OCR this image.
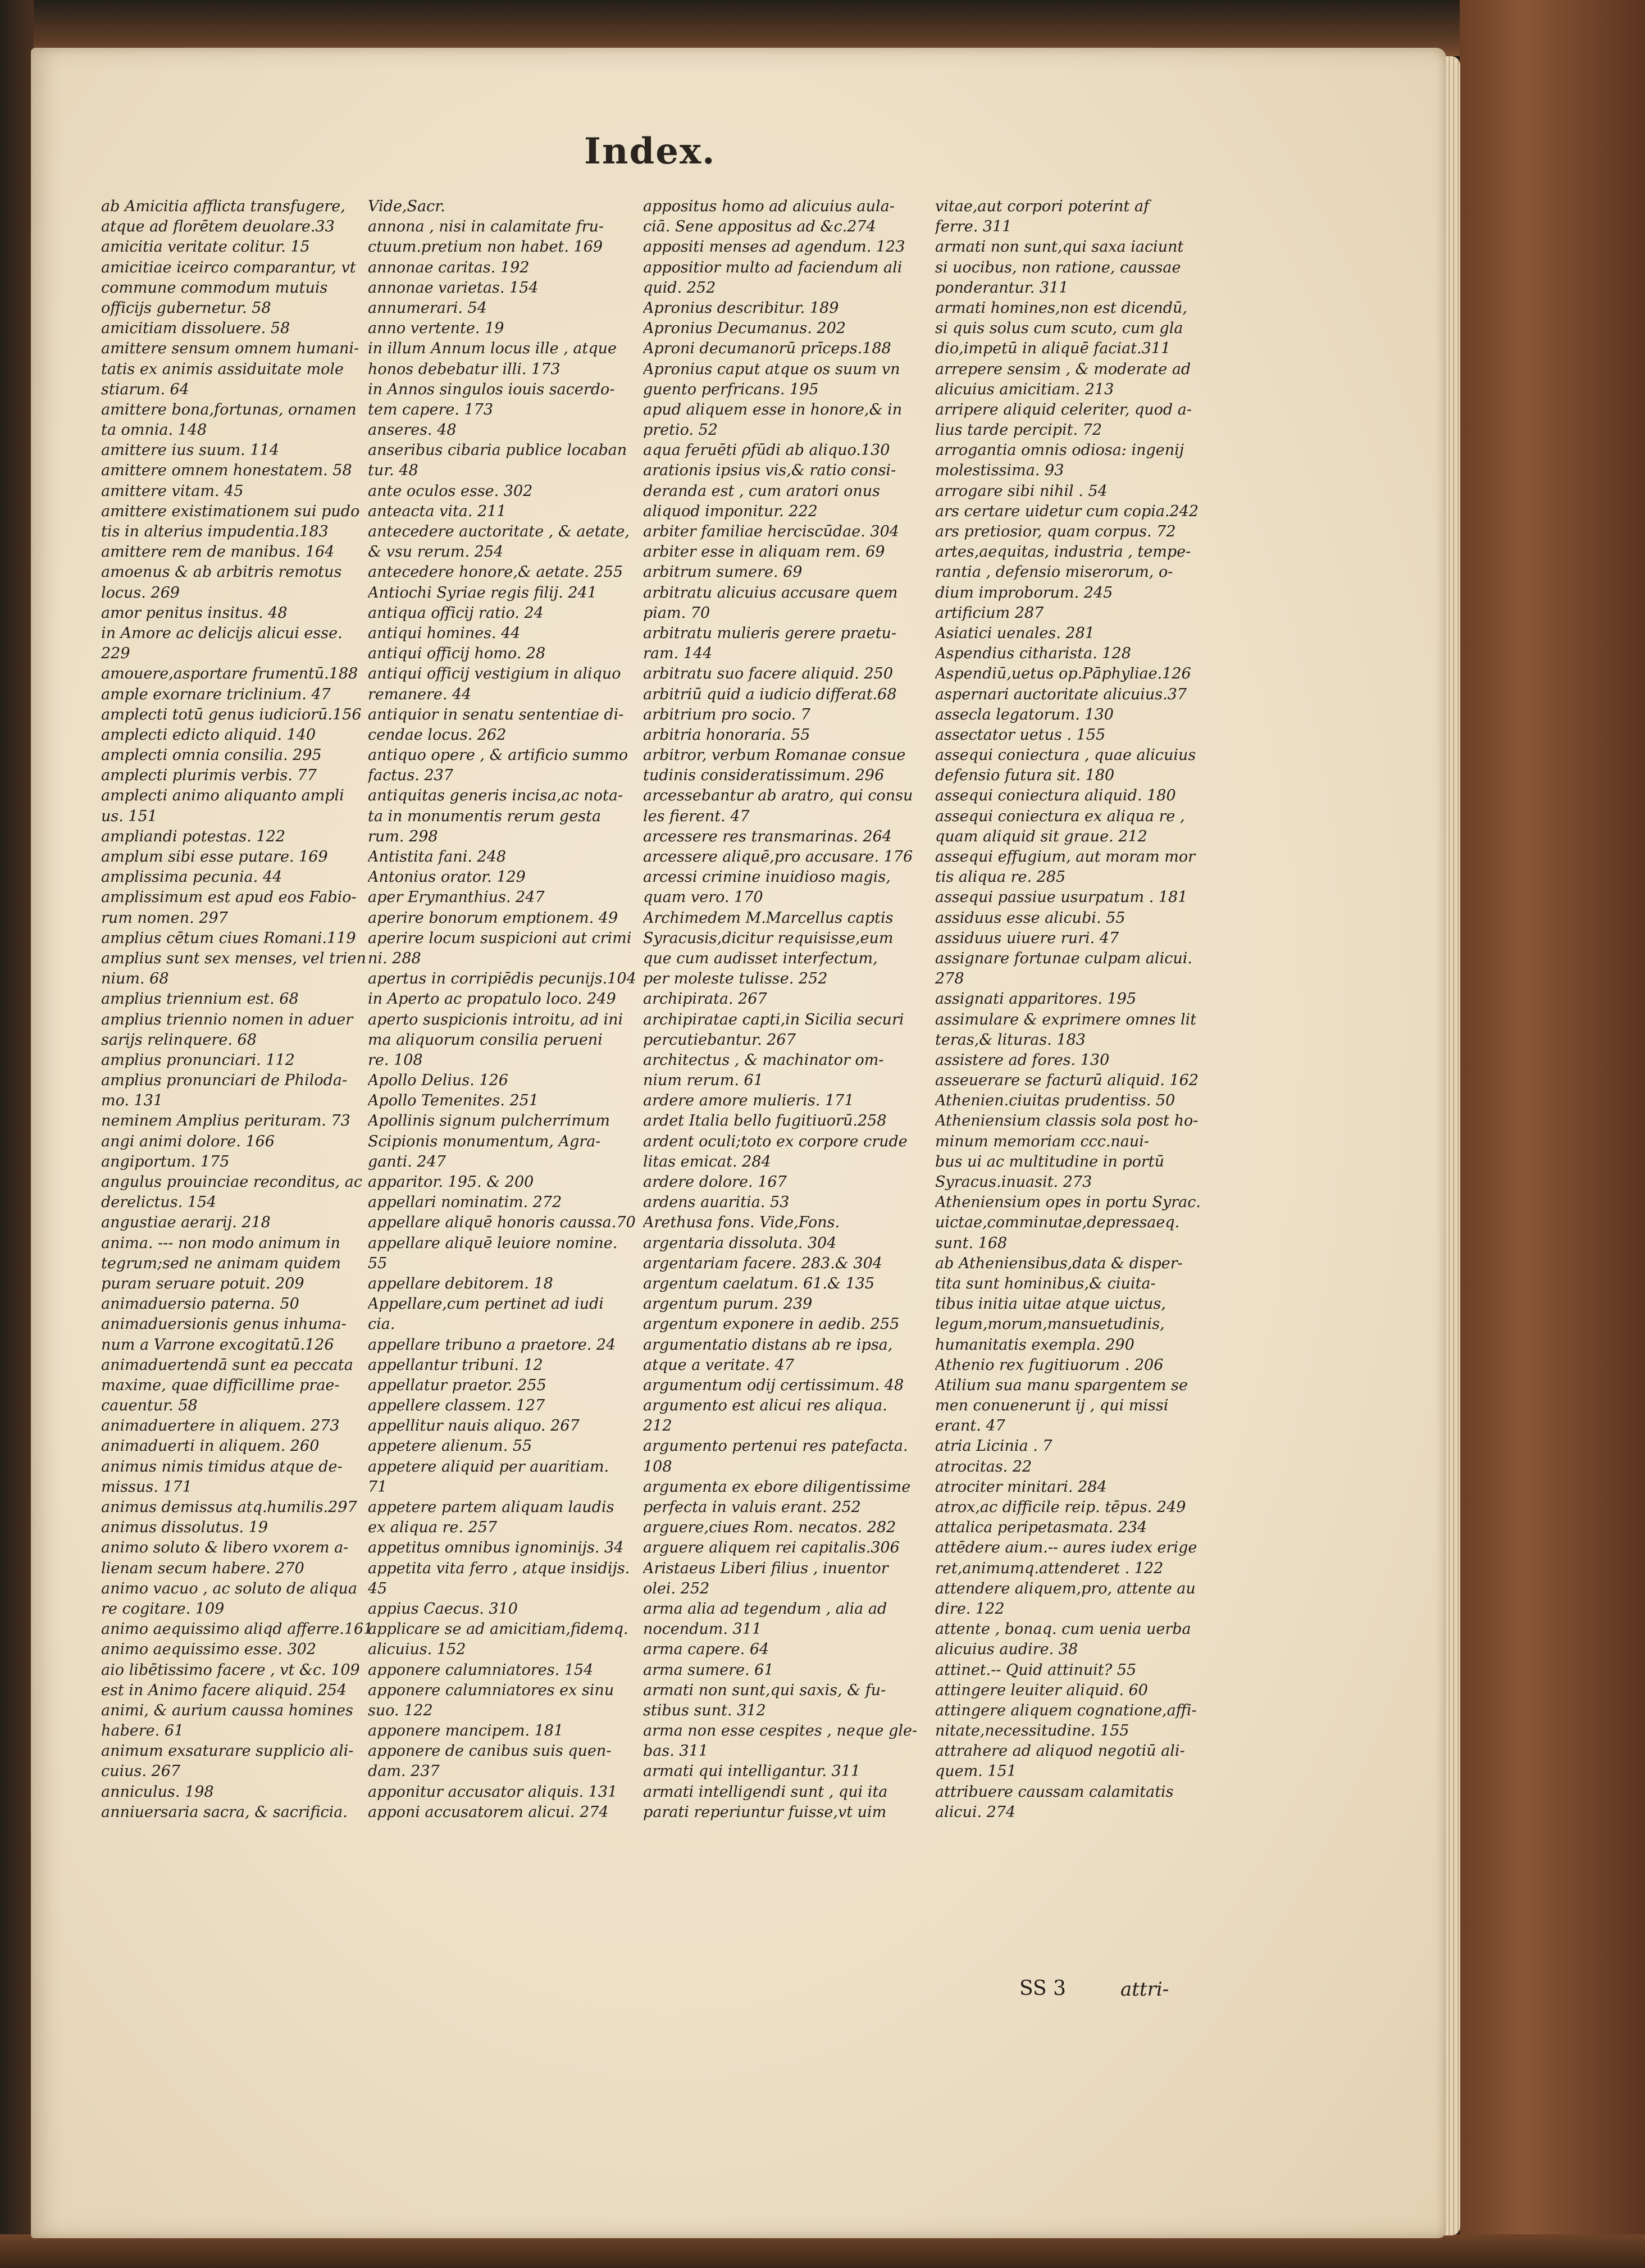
Index.
ab Amicitia afflicta transfugere,
atque ad florētem deuolare.33
amicitia veritate colitur. 15
amicitiae iceirco comparantur, vt
commune commodum mutuis
officijs gubernetur. 58
amicitiam dissoluere. 58
amittere sensum omnem humani-
tatis ex animis assiduitate mole
stiarum. 64
amittere bona,fortunas, ornamen
ta omnia. 148
amittere ius suum. 114
amittere omnem honestatem. 58
amittere vitam. 45
amittere existimationem sui pudo
tis in alterius impudentia.183
amittere rem de manibus. 164
amoenus & ab arbitris remotus
locus. 269
amor penitus insitus. 48
in Amore ac delicijs alicui esse.
229
amouere,asportare frumentū.188
ample exornare triclinium. 47
amplecti totū genus iudiciorū.156
amplecti edicto aliquid. 140
amplecti omnia consilia. 295
amplecti plurimis verbis. 77
amplecti animo aliquanto ampli
us. 151
ampliandi potestas. 122
amplum sibi esse putare. 169
amplissima pecunia. 44
amplissimum est apud eos Fabio-
rum nomen. 297
amplius cētum ciues Romani.119
amplius sunt sex menses, vel trien
nium. 68
amplius triennium est. 68
amplius triennio nomen in aduer
sarijs relinquere. 68
amplius pronunciari. 112
amplius pronunciari de Philoda-
mo. 131
neminem Amplius perituram. 73
angi animi dolore. 166
angiportum. 175
angulus prouinciae reconditus, ac
derelictus. 154
angustiae aerarij. 218
anima. --- non modo animum in
tegrum;sed ne animam quidem
puram seruare potuit. 209
animaduersio paterna. 50
animaduersionis genus inhuma-
num a Varrone excogitatū.126
animaduertendā sunt ea peccata
maxime, quae difficillime prae-
cauentur. 58
animaduertere in aliquem. 273
animaduerti in aliquem. 260
animus nimis timidus atque de-
missus. 171
animus demissus atq.humilis.297
animus dissolutus. 19
animo soluto & libero vxorem a-
lienam secum habere. 270
animo vacuo , ac soluto de aliqua
re cogitare. 109
animo aequissimo aliqd afferre.161
animo aequissimo esse. 302
aio libētissimo facere , vt &c. 109
est in Animo facere aliquid. 254
animi, & aurium caussa homines
habere. 61
animum exsaturare supplicio ali-
cuius. 267
anniculus. 198
anniuersaria sacra, & sacrificia.
Vide,Sacr.
annona , nisi in calamitate fru-
ctuum.pretium non habet. 169
annonae caritas. 192
annonae varietas. 154
annumerari. 54
anno vertente. 19
in illum Annum locus ille , atque
honos debebatur illi. 173
in Annos singulos iouis sacerdo-
tem capere. 173
anseres. 48
anseribus cibaria publice locaban
tur. 48
ante oculos esse. 302
anteacta vita. 211
antecedere auctoritate , & aetate,
& vsu rerum. 254
antecedere honore,& aetate. 255
Antiochi Syriae regis filij. 241
antiqua officij ratio. 24
antiqui homines. 44
antiqui officij homo. 28
antiqui officij vestigium in aliquo
remanere. 44
antiquior in senatu sententiae di-
cendae locus. 262
antiquo opere , & artificio summo
factus. 237
antiquitas generis incisa,ac nota-
ta in monumentis rerum gesta
rum. 298
Antistita fani. 248
Antonius orator. 129
aper Erymanthius. 247
aperire bonorum emptionem. 49
aperire locum suspicioni aut crimi
ni. 288
apertus in corripiēdis pecunijs.104
in Aperto ac propatulo loco. 249
aperto suspicionis introitu, ad ini
ma aliquorum consilia perueni
re. 108
Apollo Delius. 126
Apollo Temenites. 251
Apollinis signum pulcherrimum
Scipionis monumentum, Agra-
ganti. 247
apparitor. 195. & 200
appellari nominatim. 272
appellare aliquē honoris caussa.70
appellare aliquē leuiore nomine.
55
appellare debitorem. 18
Appellare,cum pertinet ad iudi
cia.
appellare tribuno a praetore. 24
appellantur tribuni. 12
appellatur praetor. 255
appellere classem. 127
appellitur nauis aliquo. 267
appetere alienum. 55
appetere aliquid per auaritiam.
71
appetere partem aliquam laudis
ex aliqua re. 257
appetitus omnibus ignominijs. 34
appetita vita ferro , atque insidijs.
45
appius Caecus. 310
applicare se ad amicitiam,fidemq.
alicuius. 152
apponere calumniatores. 154
apponere calumniatores ex sinu
suo. 122
apponere mancipem. 181
apponere de canibus suis quen-
dam. 237
apponitur accusator aliquis. 131
apponi accusatorem alicui. 274
appositus homo ad alicuius aula-
ciā. Sene appositus ad &c.274
appositi menses ad agendum. 123
appositior multo ad faciendum ali
quid. 252
Apronius describitur. 189
Apronius Decumanus. 202
Aproni decumanorū prīceps.188
Apronius caput atque os suum vn
guento perfricans. 195
apud aliquem esse in honore,& in
pretio. 52
aqua feruēti ρfūdi ab aliquo.130
arationis ipsius vis,& ratio consi-
deranda est , cum aratori onus
aliquod imponitur. 222
arbiter familiae herciscūdae. 304
arbiter esse in aliquam rem. 69
arbitrum sumere. 69
arbitratu alicuius accusare quem
piam. 70
arbitratu mulieris gerere praetu-
ram. 144
arbitratu suo facere aliquid. 250
arbitriū quid a iudicio differat.68
arbitrium pro socio. 7
arbitria honoraria. 55
arbitror, verbum Romanae consue
tudinis consideratissimum. 296
arcessebantur ab aratro, qui consu
les fierent. 47
arcessere res transmarinas. 264
arcessere aliquē,pro accusare. 176
arcessi crimine inuidioso magis,
quam vero. 170
Archimedem M.Marcellus captis
Syracusis,dicitur requisisse,eum
que cum audisset interfectum,
per moleste tulisse. 252
archipirata. 267
archipiratae capti,in Sicilia securi
percutiebantur. 267
architectus , & machinator om-
nium rerum. 61
ardere amore mulieris. 171
ardet Italia bello fugitiuorū.258
ardent oculi;toto ex corpore crude
litas emicat. 284
ardere dolore. 167
ardens auaritia. 53
Arethusa fons. Vide,Fons.
argentaria dissoluta. 304
argentariam facere. 283.& 304
argentum caelatum. 61.& 135
argentum purum. 239
argentum exponere in aedib. 255
argumentatio distans ab re ipsa,
atque a veritate. 47
argumentum odij certissimum. 48
argumento est alicui res aliqua.
212
argumento pertenui res patefacta.
108
argumenta ex ebore diligentissime
perfecta in valuis erant. 252
arguere,ciues Rom. necatos. 282
arguere aliquem rei capitalis.306
Aristaeus Liberi filius , inuentor
olei. 252
arma alia ad tegendum , alia ad
nocendum. 311
arma capere. 64
arma sumere. 61
armati non sunt,qui saxis, & fu-
stibus sunt. 312
arma non esse cespites , neque gle-
bas. 311
armati qui intelligantur. 311
armati intelligendi sunt , qui ita
parati reperiuntur fuisse,vt uim
vitae,aut corpori poterint af
ferre. 311
armati non sunt,qui saxa iaciunt
si uocibus, non ratione, caussae
ponderantur. 311
armati homines,non est dicendū,
si quis solus cum scuto, cum gla
dio,impetū in aliquē faciat.311
arrepere sensim , & moderate ad
alicuius amicitiam. 213
arripere aliquid celeriter, quod a-
lius tarde percipit. 72
arrogantia omnis odiosa: ingenij
molestissima. 93
arrogare sibi nihil . 54
ars certare uidetur cum copia.242
ars pretiosior, quam corpus. 72
artes,aequitas, industria , tempe-
rantia , defensio miserorum, o-
dium improborum. 245
artificium 287
Asiatici uenales. 281
Aspendius citharista. 128
Aspendiū,uetus op.Pāphyliae.126
aspernari auctoritate alicuius.37
assecla legatorum. 130
assectator uetus . 155
assequi coniectura , quae alicuius
defensio futura sit. 180
assequi coniectura aliquid. 180
assequi coniectura ex aliqua re ,
quam aliquid sit graue. 212
assequi effugium, aut moram mor
tis aliqua re. 285
assequi passiue usurpatum . 181
assiduus esse alicubi. 55
assiduus uiuere ruri. 47
assignare fortunae culpam alicui.
278
assignati apparitores. 195
assimulare & exprimere omnes lit
teras,& lituras. 183
assistere ad fores. 130
asseuerare se facturū aliquid. 162
Athenien.ciuitas prudentiss. 50
Atheniensium classis sola post ho-
minum memoriam ccc.naui-
bus ui ac multitudine in portū
Syracus.inuasit. 273
Atheniensium opes in portu Syrac.
uictae,comminutae,depressaeq.
sunt. 168
ab Atheniensibus,data & disper-
tita sunt hominibus,& ciuita-
tibus initia uitae atque uictus,
legum,morum,mansuetudinis,
humanitatis exempla. 290
Athenio rex fugitiuorum . 206
Atilium sua manu spargentem se
men conuenerunt ij , qui missi
erant. 47
atria Licinia . 7
atrocitas. 22
atrociter minitari. 284
atrox,ac difficile reip. tēpus. 249
attalica peripetasmata. 234
attēdere aium.-- aures iudex erige
ret,animumq.attenderet . 122
attendere aliquem,pro, attente au
dire. 122
attente , bonaq. cum uenia uerba
alicuius audire. 38
attinet.-- Quid attinuit? 55
attingere leuiter aliquid. 60
attingere aliquem cognatione,affi-
nitate,necessitudine. 155
attrahere ad aliquod negotiū ali-
quem. 151
attribuere caussam calamitatis
alicui. 274
SS 3	attri-
